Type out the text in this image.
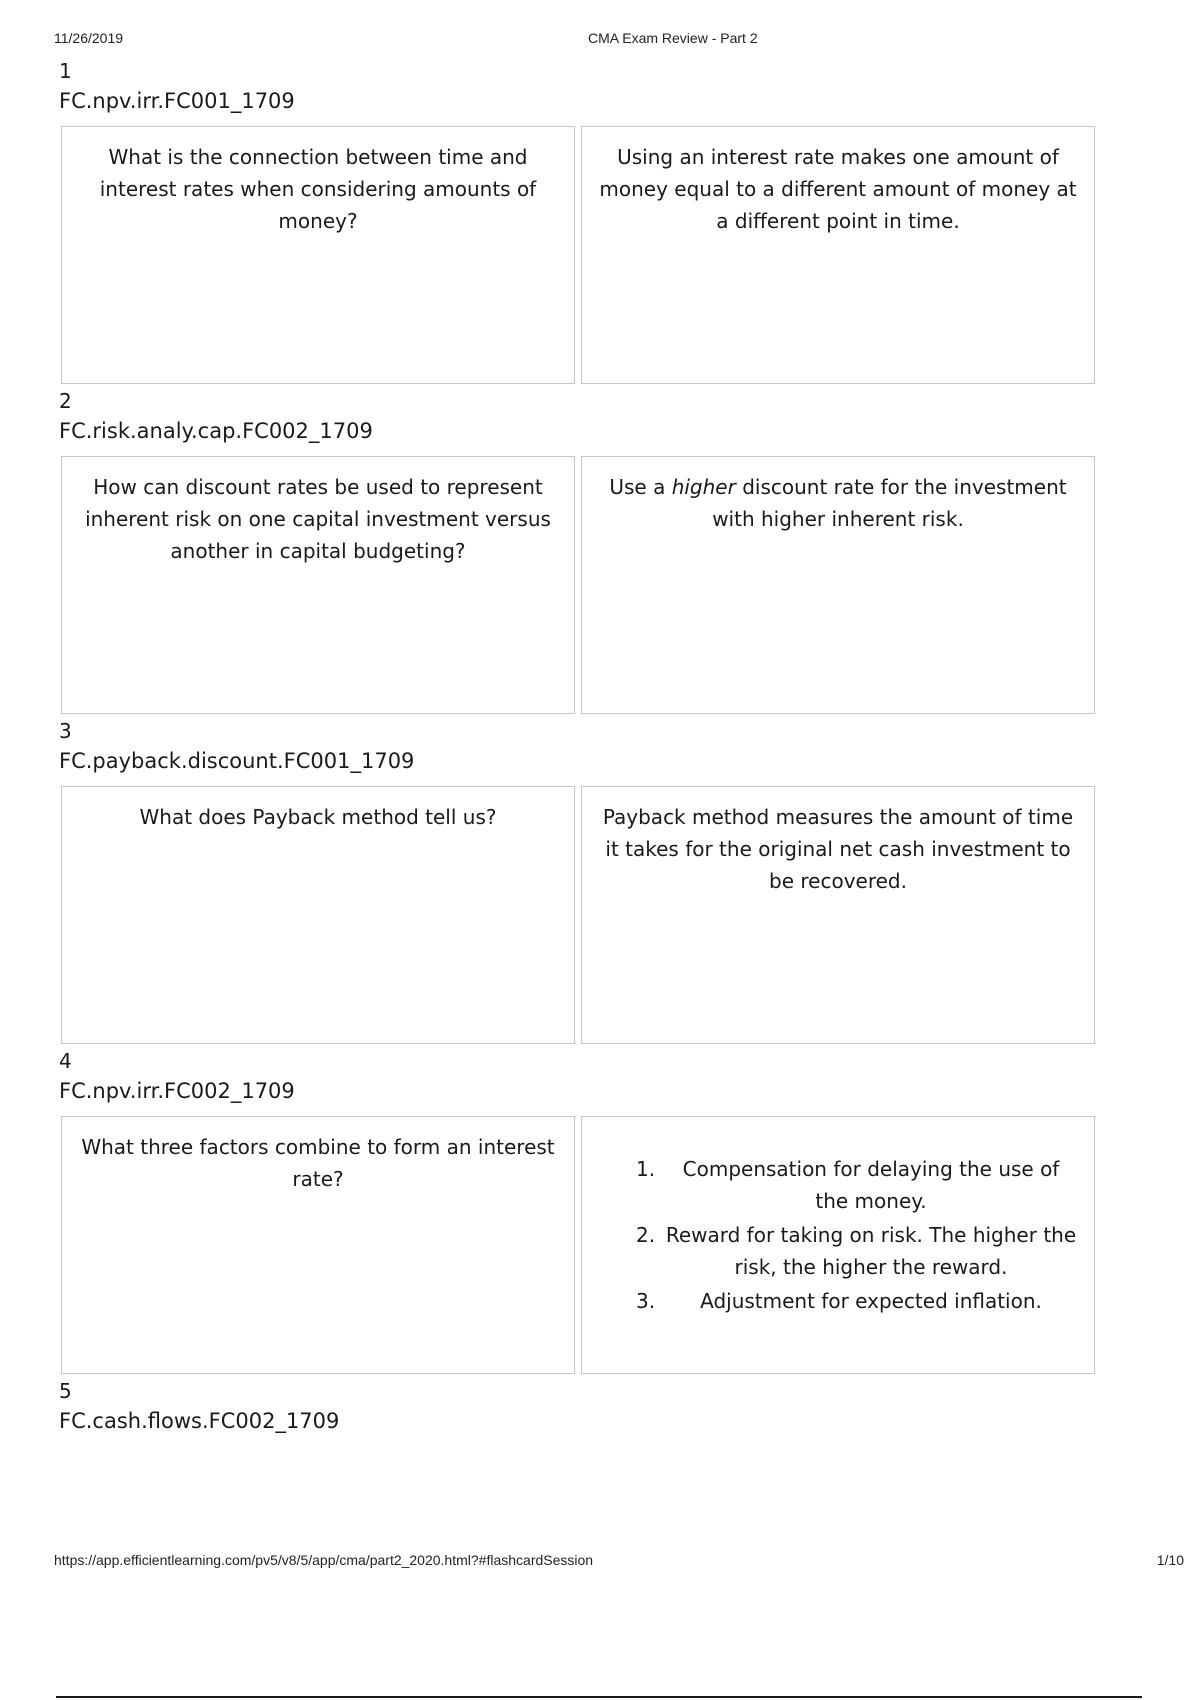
11/26/2019	CMA Exam Review - Part 2
1
FC.npv.irr.FC001_1709
What is the connection between time and interest rates when considering amounts of money?
Using an interest rate makes one amount of money equal to a different amount of money at a different point in time.
2
FC.risk.analy.cap.FC002_1709
How can discount rates be used to represent inherent risk on one capital investment versus another in capital budgeting?
Use a higher discount rate for the investment with higher inherent risk.
3
FC.payback.discount.FC001_1709
What does Payback method tell us?	Payback method measures the amount of time it takes for the original net cash investment to be recovered.
4
FC.npv.irr.FC002_1709
What three factors combine to form an interest rate?	1. Compensation for delaying the use of the money.
2. Reward for taking on risk. The higher the risk, the higher the reward.
3. Adjustment for expected inflation.
5
FC.cash.flows.FC002_1709
https://app.efficientlearning.com/pv5/v8/5/app/cma/part2_2020.html?#flashcardSession	1/10
